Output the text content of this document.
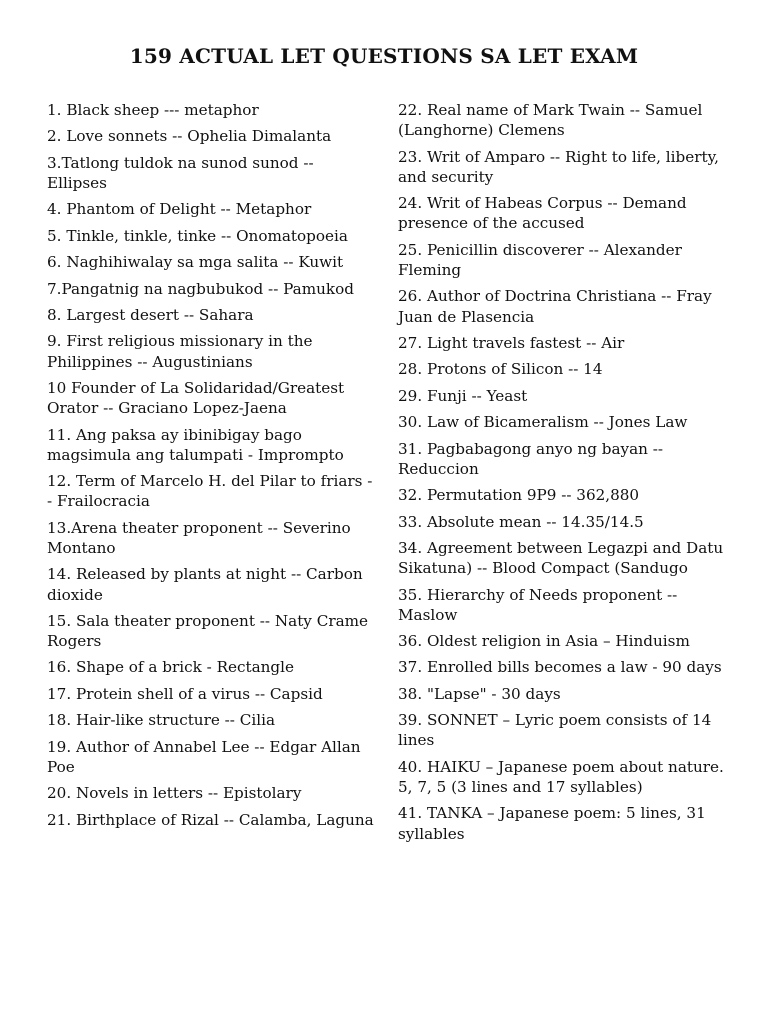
159 ACTUAL LET QUESTIONS SA LET EXAM
1. Black sheep --- metaphor
2. Love sonnets -- Ophelia Dimalanta
3.Tatlong tuldok na sunod sunod -- Ellipses
4. Phantom of Delight -- Metaphor
5. Tinkle, tinkle, tinke -- Onomatopoeia
6. Naghihiwalay sa mga salita -- Kuwit
7.Pangatnig na nagbubukod -- Pamukod
8. Largest desert -- Sahara
9. First religious missionary in the Philippines -- Augustinians
10 Founder of La Solidaridad/Greatest Orator -- Graciano Lopez-Jaena
11. Ang paksa ay ibinibigay bago magsimula ang talumpati - Imprompto
12. Term of Marcelo H. del Pilar to friars -- Frailocracia
13.Arena theater proponent -- Severino Montano
14. Released by plants at night -- Carbon dioxide
15. Sala theater proponent -- Naty Crame Rogers
16. Shape of a brick - Rectangle
17. Protein shell of a virus -- Capsid
18. Hair-like structure -- Cilia
19. Author of Annabel Lee -- Edgar Allan Poe
20. Novels in letters -- Epistolary
21. Birthplace of Rizal -- Calamba, Laguna
22. Real name of Mark Twain -- Samuel (Langhorne) Clemens
23. Writ of Amparo -- Right to life, liberty, and security
24. Writ of Habeas Corpus -- Demand presence of the accused
25. Penicillin discoverer -- Alexander Fleming
26. Author of Doctrina Christiana -- Fray Juan de Plasencia
27. Light travels fastest -- Air
28. Protons of Silicon -- 14
29. Funji -- Yeast
30. Law of Bicameralism -- Jones Law
31. Pagbabagong anyo ng bayan -- Reduccion
32. Permutation 9P9 -- 362,880
33. Absolute mean -- 14.35/14.5
34. Agreement between Legazpi and Datu Sikatuna) -- Blood Compact (Sandugo
35. Hierarchy of Needs proponent -- Maslow
36. Oldest religion in Asia – Hinduism
37. Enrolled bills becomes a law - 90 days
38. "Lapse" - 30 days
39. SONNET – Lyric poem consists of 14 lines
40. HAIKU – Japanese poem about nature. 5, 7, 5 (3 lines and 17 syllables)
41. TANKA – Japanese poem: 5 lines, 31 syllables
